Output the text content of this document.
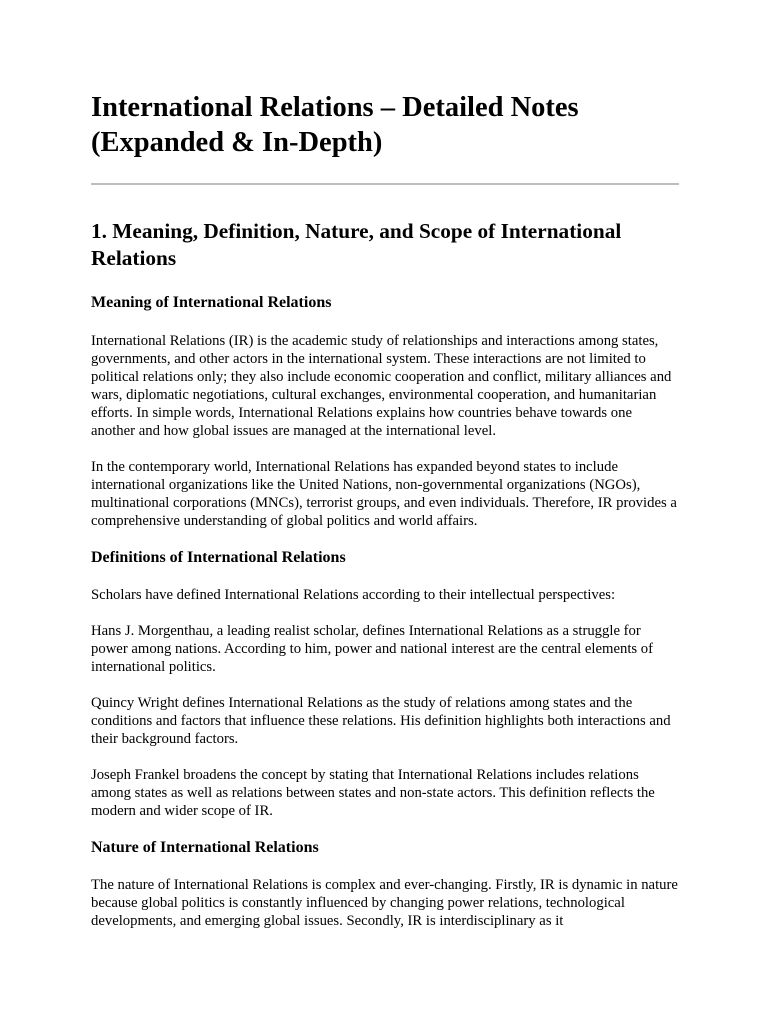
International Relations – Detailed Notes (Expanded & In-Depth)
1. Meaning, Definition, Nature, and Scope of International Relations
Meaning of International Relations

International Relations (IR) is the academic study of relationships and interactions among states, governments, and other actors in the international system. These interactions are not limited to political relations only; they also include economic cooperation and conflict, military alliances and wars, diplomatic negotiations, cultural exchanges, environmental cooperation, and humanitarian efforts. In simple words, International Relations explains how countries behave towards one another and how global issues are managed at the international level.

In the contemporary world, International Relations has expanded beyond states to include international organizations like the United Nations, non-governmental organizations (NGOs), multinational corporations (MNCs), terrorist groups, and even individuals. Therefore, IR provides a comprehensive understanding of global politics and world affairs.

Definitions of International Relations

Scholars have defined International Relations according to their intellectual perspectives:

Hans J. Morgenthau, a leading realist scholar, defines International Relations as a struggle for power among nations. According to him, power and national interest are the central elements of international politics.

Quincy Wright defines International Relations as the study of relations among states and the conditions and factors that influence these relations. His definition highlights both interactions and their background factors.

Joseph Frankel broadens the concept by stating that International Relations includes relations among states as well as relations between states and non-state actors. This definition reflects the modern and wider scope of IR.

Nature of International Relations

The nature of International Relations is complex and ever-changing. Firstly, IR is dynamic in nature because global politics is constantly influenced by changing power relations, technological developments, and emerging global issues. Secondly, IR is interdisciplinary as it
